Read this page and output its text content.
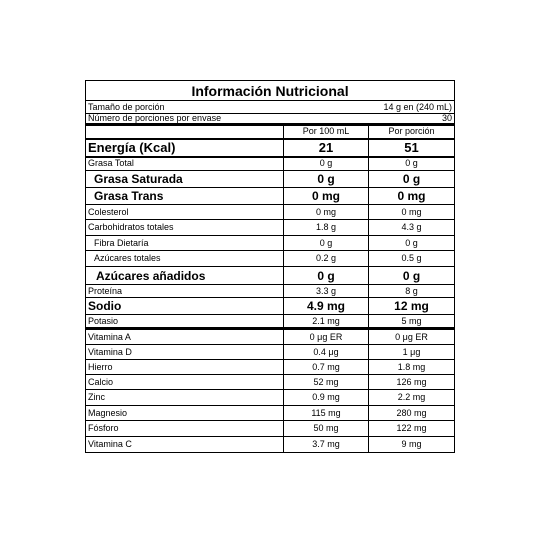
Información Nutricional		
Tamaño de porción		14 g en (240 mL)
Número de porciones por envase		30
	Por 100 mL	Por porción
Energía (Kcal)	21	51
Grasa Total	0 g	0 g
Grasa Saturada	0 g	0 g
Grasa Trans	0 mg	0 mg
Colesterol	0 mg	0 mg
Carbohidratos totales	1.8 g	4.3 g
Fibra Dietaría	0 g	0 g
Azúcares totales	0.2 g	0.5 g
Azúcares añadidos	0 g	0 g
Proteína	3.3 g	8 g
Sodio	4.9 mg	12 mg
Potasio	2.1 mg	5 mg
Vitamina A	0 μg ER	0 μg ER
Vitamina D	0.4 μg	1 μg
Hierro	0.7 mg	1.8 mg
Calcio	52 mg	126 mg
Zinc	0.9 mg	2.2 mg
Magnesio	115 mg	280 mg
Fósforo	50 mg	122 mg
Vitamina C	3.7 mg	9 mg
